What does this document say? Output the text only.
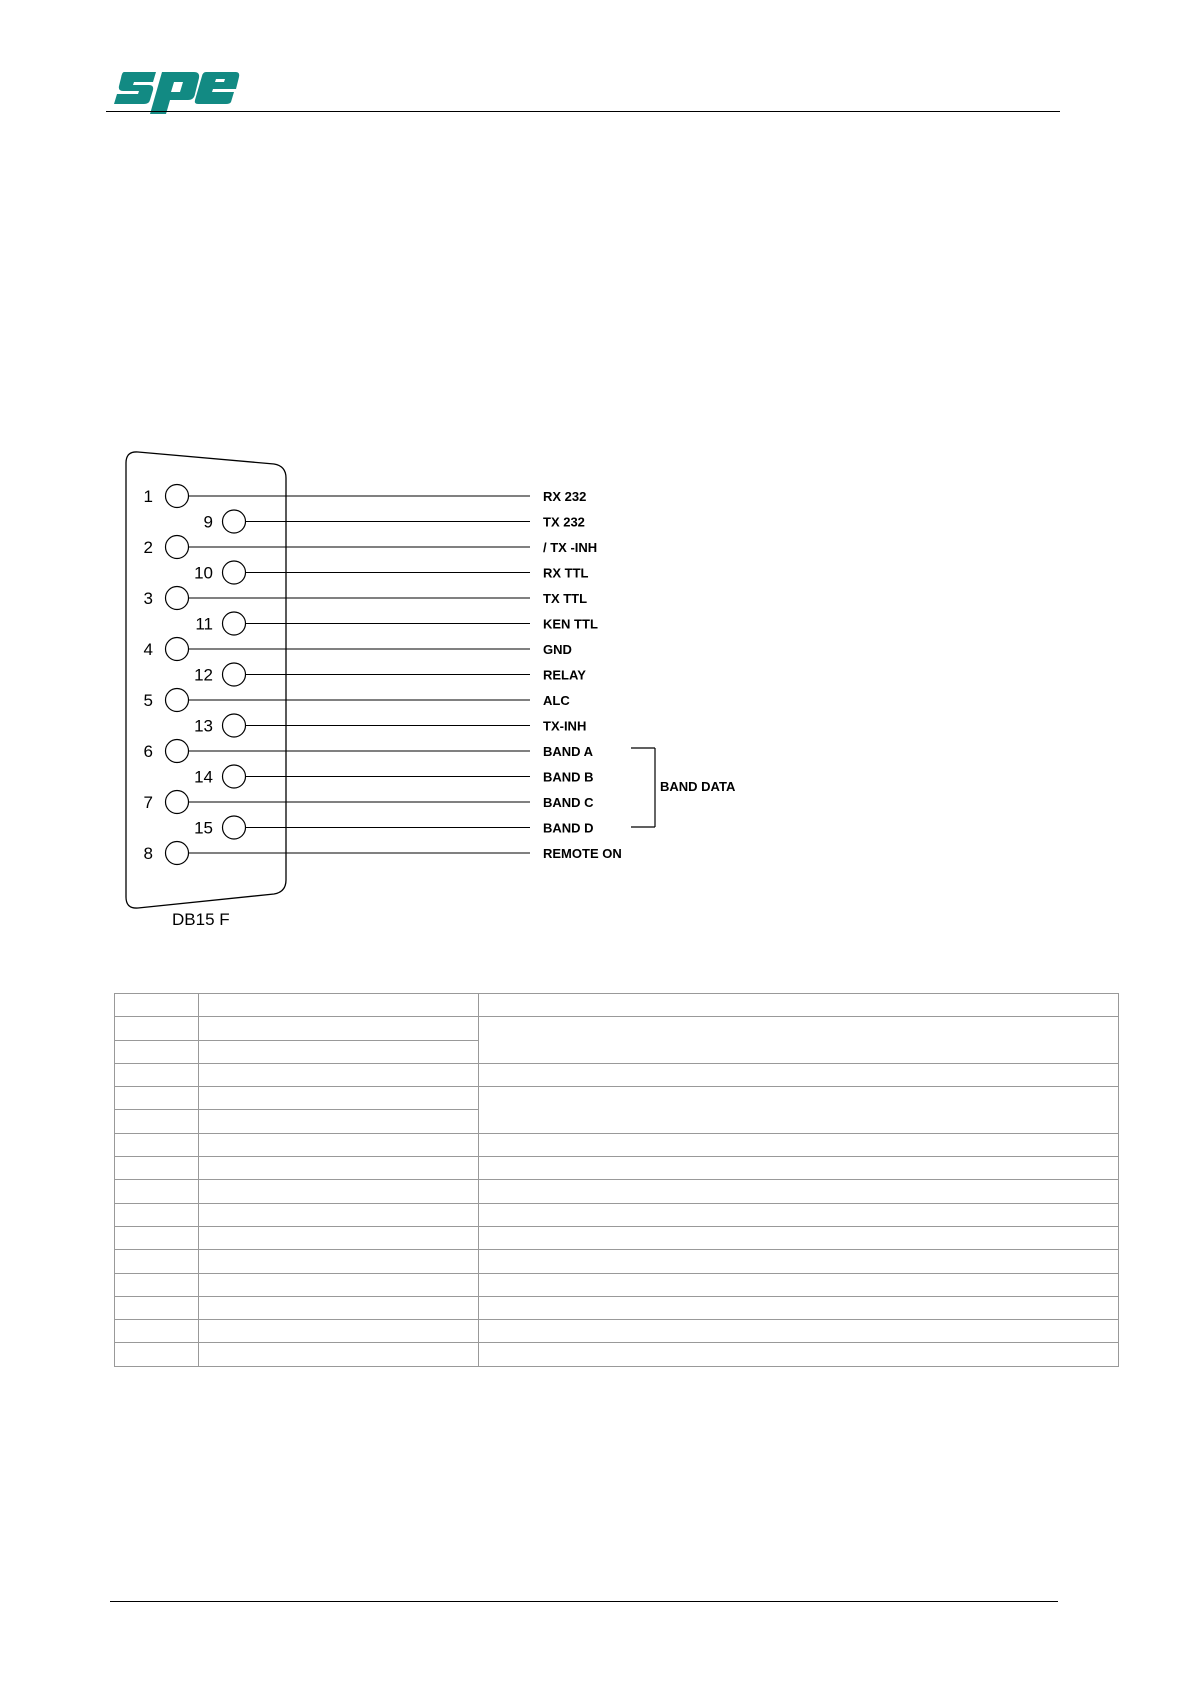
1	RX 232
9	TX 232
2	/ TX -INH
10	RX TTL
3	TX TTL
11	KEN TTL
4	GND
12	RELAY
5	ALC
13	TX-INH
6	BAND A
14	BAND B
7	BAND C
15	BAND D
8	REMOTE ON
BAND DATA
DB15 F
